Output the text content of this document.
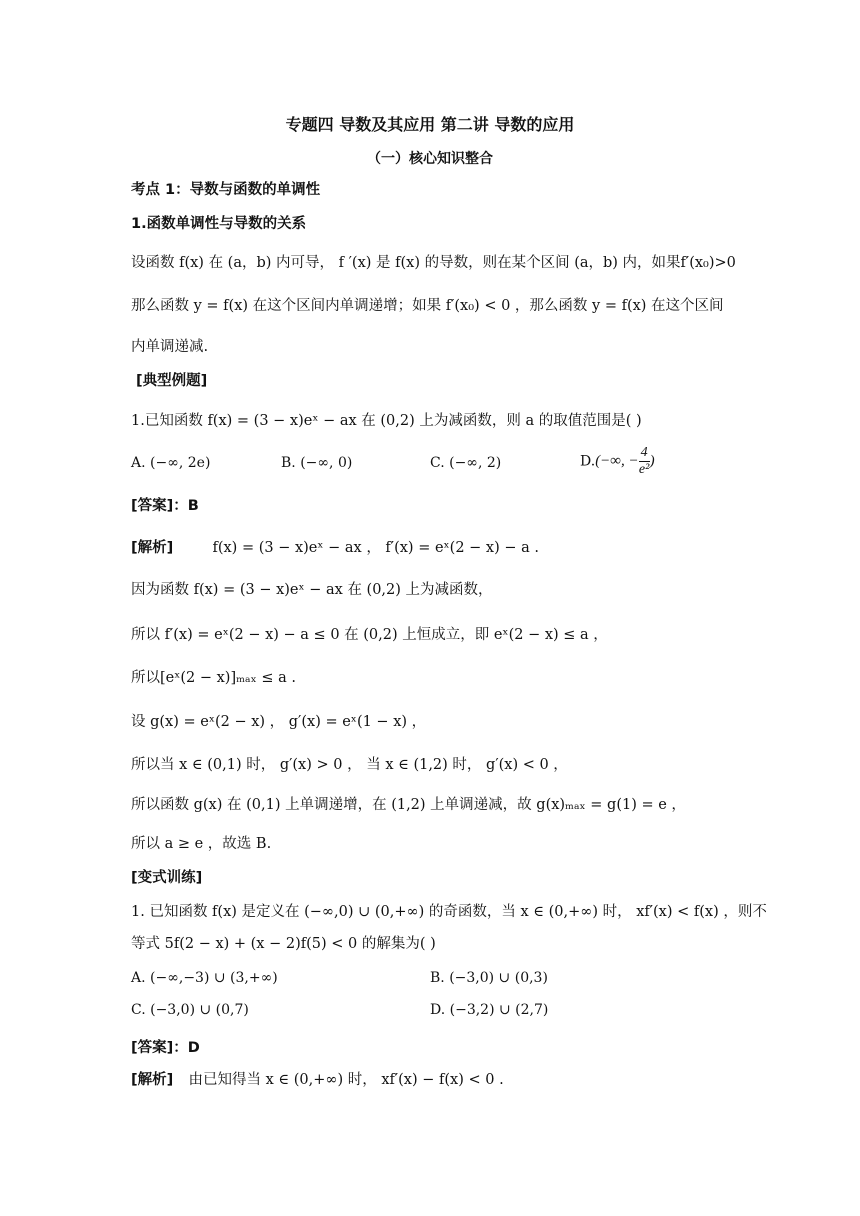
专题四 导数及其应用 第二讲 导数的应用
（一）核心知识整合
考点 1：导数与函数的单调性
1.函数单调性与导数的关系
设函数 f(x) 在 (a，b) 内可导， f ′(x) 是 f(x) 的导数，则在某个区间 (a，b) 内，如果f′(x₀)>0
那么函数 y = f(x) 在这个区间内单调递增；如果 f′(x₀) < 0 ，那么函数 y = f(x) 在这个区间
内单调递减.
[典型例题]
1.已知函数 f(x) = (3 − x)eˣ − ax 在 (0,2) 上为减函数，则 a 的取值范围是( )
A. (−∞, 2e)	B. (−∞, 0)	C. (−∞, 2)	D.(−∞, − $\frac{4}{\text{e²}}$ )
[答案]：B
[解析]	f(x) = (3 − x)eˣ − ax ， f′(x) = eˣ(2 − x) − a .
因为函数 f(x) = (3 − x)eˣ − ax 在 (0,2) 上为减函数，
所以 f′(x) = eˣ(2 − x) − a ≤ 0 在 (0,2) 上恒成立，即 eˣ(2 − x) ≤ a ，
所以[eˣ(2 − x)]ₘₐₓ ≤ a .
设 g(x) = eˣ(2 − x) ， g′(x) = eˣ(1 − x) ，
所以当 x ∈ (0,1) 时， g′(x) > 0 ， 当 x ∈ (1,2) 时， g′(x) < 0 ，
所以函数 g(x) 在 (0,1) 上单调递增，在 (1,2) 上单调递减，故 g(x)ₘₐₓ = g(1) = e ，
所以 a ≥ e ，故选 B.
[变式训练]
1. 已知函数 f(x) 是定义在 (−∞,0) ∪ (0,+∞) 的奇函数，当 x ∈ (0,+∞) 时， xf′(x) < f(x) ，则不
等式 5f(2 − x) + (x − 2)f(5) < 0 的解集为( )
A. (−∞,−3) ∪ (3,+∞)	B. (−3,0) ∪ (0,3)
C. (−3,0) ∪ (0,7)	D. (−3,2) ∪ (2,7)
[答案]：D
[解析] 由已知得当 x ∈ (0,+∞) 时， xf′(x) − f(x) < 0 .
